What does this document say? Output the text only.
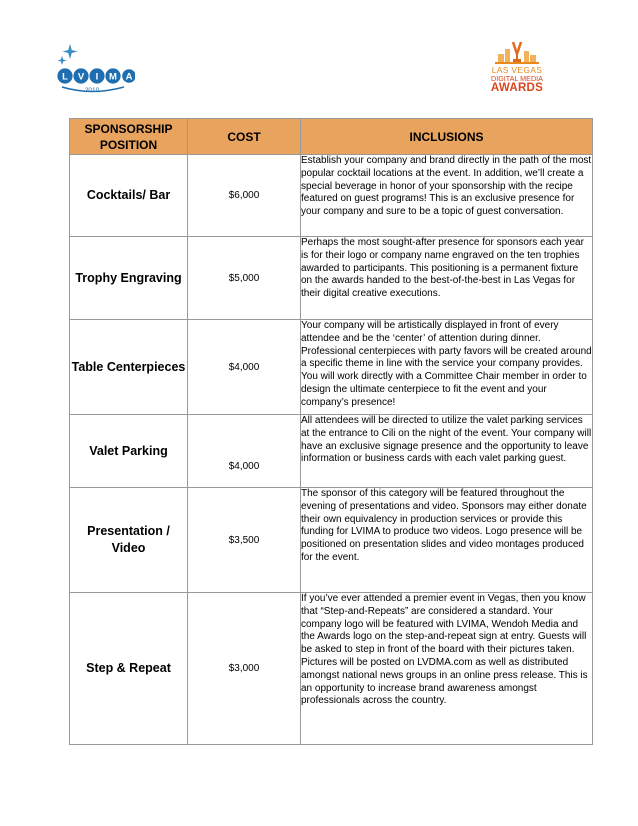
L V I M A
2010
LAS VEGAS
DIGITAL MEDIA
AWARDS
SPONSORSHIP POSITION	COST	INCLUSIONS
Cocktails/ Bar	$6,000	Establish your company and brand directly in the path of the most popular cocktail locations at the event. In addition, we’ll create a special beverage in honor of your sponsorship with the recipe featured on guest programs! This is an exclusive presence for your company and sure to be a topic of guest conversation.

Trophy Engraving	$5,000	Perhaps the most sought-after presence for sponsors each year is for their logo or company name engraved on the ten trophies awarded to participants. This positioning is a permanent fixture on the awards handed to the best-of-the-best in Las Vegas for their digital creative executions.

Table Centerpieces	$4,000	Your company will be artistically displayed in front of every attendee and be the ‘center’ of attention during dinner. Professional centerpieces with party favors will be created around a specific theme in line with the service your company provides. You will work directly with a Committee Chair member in order to design the ultimate centerpiece to fit the event and your company’s presence!

Valet Parking	$4,000	All attendees will be directed to utilize the valet parking services at the entrance to Cili on the night of the event. Your company will have an exclusive signage presence and the opportunity to leave information or business cards with each valet parking guest.

Presentation / Video	$3,500	The sponsor of this category will be featured throughout the evening of presentations and video. Sponsors may either donate their own equivalency in production services or provide this funding for LVIMA to produce two videos. Logo presence will be positioned on presentation slides and video montages produced for the event.

Step & Repeat	$3,000	If you’ve ever attended a premier event in Vegas, then you know that “Step-and-Repeats” are considered a standard. Your company logo will be featured with LVIMA, Wendoh Media and the Awards logo on the step-and-repeat sign at entry. Guests will be asked to step in front of the board with their pictures taken. Pictures will be posted on LVDMA.com as well as distributed amongst national news groups in an online press release. This is an opportunity to increase brand awareness amongst professionals across the country.
